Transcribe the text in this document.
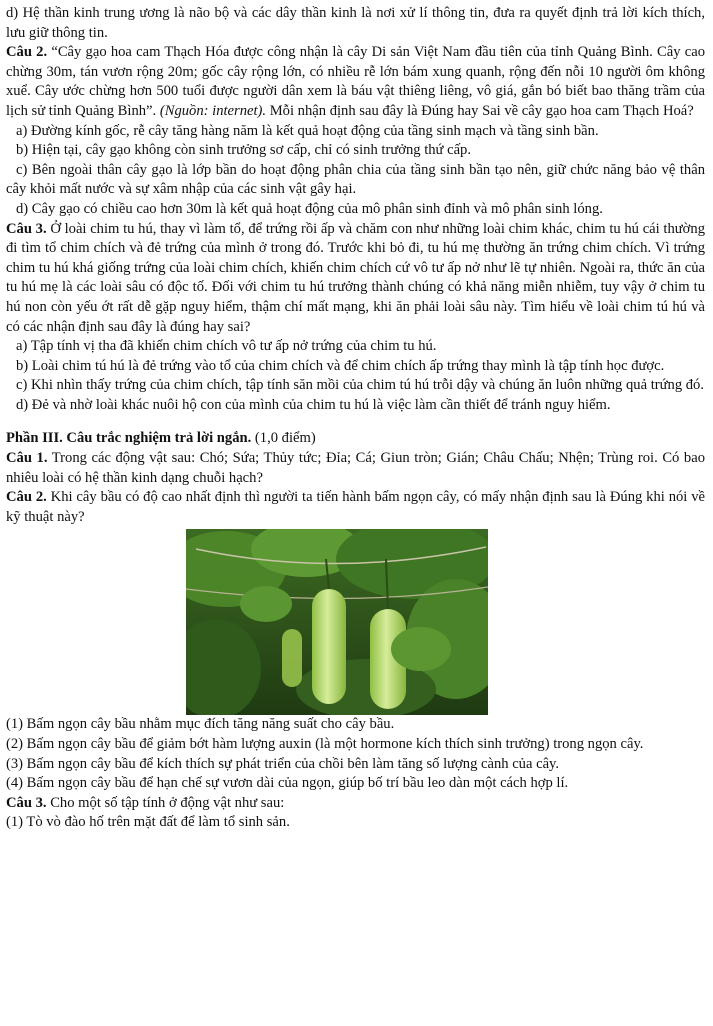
d) Hệ thần kinh trung ương là não bộ và các dây thần kinh là nơi xử lí thông tin, đưa ra quyết định trả lời kích thích, lưu giữ thông tin.

Câu 2. “Cây gạo hoa cam Thạch Hóa được công nhận là cây Di sản Việt Nam đầu tiên của tỉnh Quảng Bình. Cây cao chừng 30m, tán vươn rộng 20m; gốc cây rộng lớn, có nhiều rễ lớn bám xung quanh, rộng đến nỗi 10 người ôm không xuể. Cây ước chừng hơn 500 tuổi được người dân xem là báu vật thiêng liêng, vô giá, gắn bó biết bao thăng trầm của lịch sử tỉnh Quảng Bình”. (Nguồn: internet). Mỗi nhận định sau đây là Đúng hay Sai về cây gạo hoa cam Thạch Hoá?

a) Đường kính gốc, rễ cây tăng hàng năm là kết quả hoạt động của tầng sinh mạch và tầng sinh bần.

b) Hiện tại, cây gạo không còn sinh trưởng sơ cấp, chỉ có sinh trưởng thứ cấp.

c) Bên ngoài thân cây gạo là lớp bần do hoạt động phân chia của tầng sinh bần tạo nên, giữ chức năng bảo vệ thân cây khỏi mất nước và sự xâm nhập của các sinh vật gây hại.

d) Cây gạo có chiều cao hơn 30m là kết quả hoạt động của mô phân sinh đỉnh và mô phân sinh lóng.

Câu 3. Ở loài chim tu hú, thay vì làm tổ, để trứng rồi ấp và chăm con như những loài chim khác, chim tu hú cái thường đi tìm tổ chim chích và đẻ trứng của mình ở trong đó. Trước khi bỏ đi, tu hú mẹ thường ăn trứng chim chích. Vì trứng chim tu hú khá giống trứng của loài chim chích, khiến chim chích cứ vô tư ấp nở như lẽ tự nhiên. Ngoài ra, thức ăn của tu hú mẹ là các loài sâu có độc tố. Đối với chim tu hú trưởng thành chúng có khả năng miễn nhiễm, tuy vậy ở chim tu hú non còn yếu ớt rất dễ gặp nguy hiểm, thậm chí mất mạng, khi ăn phải loài sâu này. Tìm hiểu về loài chim tú hú và có các nhận định sau đây là đúng hay sai?

a) Tập tính vị tha đã khiến chim chích vô tư ấp nở trứng của chim tu hú.

b) Loài chim tú hú là đẻ trứng vào tổ của chim chích và để chim chích ấp trứng thay mình là tập tính học được.

c) Khi nhìn thấy trứng của chim chích, tập tính săn mồi của chim tú hú trỗi dậy và chúng ăn luôn những quả trứng đó.

d) Đẻ và nhờ loài khác nuôi hộ con của mình của chim tu hú là việc làm cần thiết để tránh nguy hiểm.

Phần III. Câu trắc nghiệm trả lời ngắn. (1,0 điểm)

Câu 1. Trong các động vật sau: Chó; Sứa; Thủy tức; Đỉa; Cá; Giun tròn; Gián; Châu Chấu; Nhện; Trùng roi. Có bao nhiêu loài có hệ thần kinh dạng chuỗi hạch?

Câu 2. Khi cây bầu có độ cao nhất định thì người ta tiến hành bấm ngọn cây, có mấy nhận định sau là Đúng khi nói về kỹ thuật này?

(1) Bấm ngọn cây bầu nhằm mục đích tăng năng suất cho cây bầu.

(2) Bấm ngọn cây bầu để giảm bớt hàm lượng auxin (là một hormone kích thích sinh trưởng) trong ngọn cây.

(3) Bấm ngọn cây bầu để kích thích sự phát triển của chồi bên làm tăng số lượng cành của cây.

(4) Bấm ngọn cây bầu để hạn chế sự vươn dài của ngọn, giúp bố trí bầu leo dàn một cách hợp lí.

Câu 3. Cho một số tập tính ở động vật như sau:

(1) Tò vò đào hố trên mặt đất để làm tổ sinh sản.
